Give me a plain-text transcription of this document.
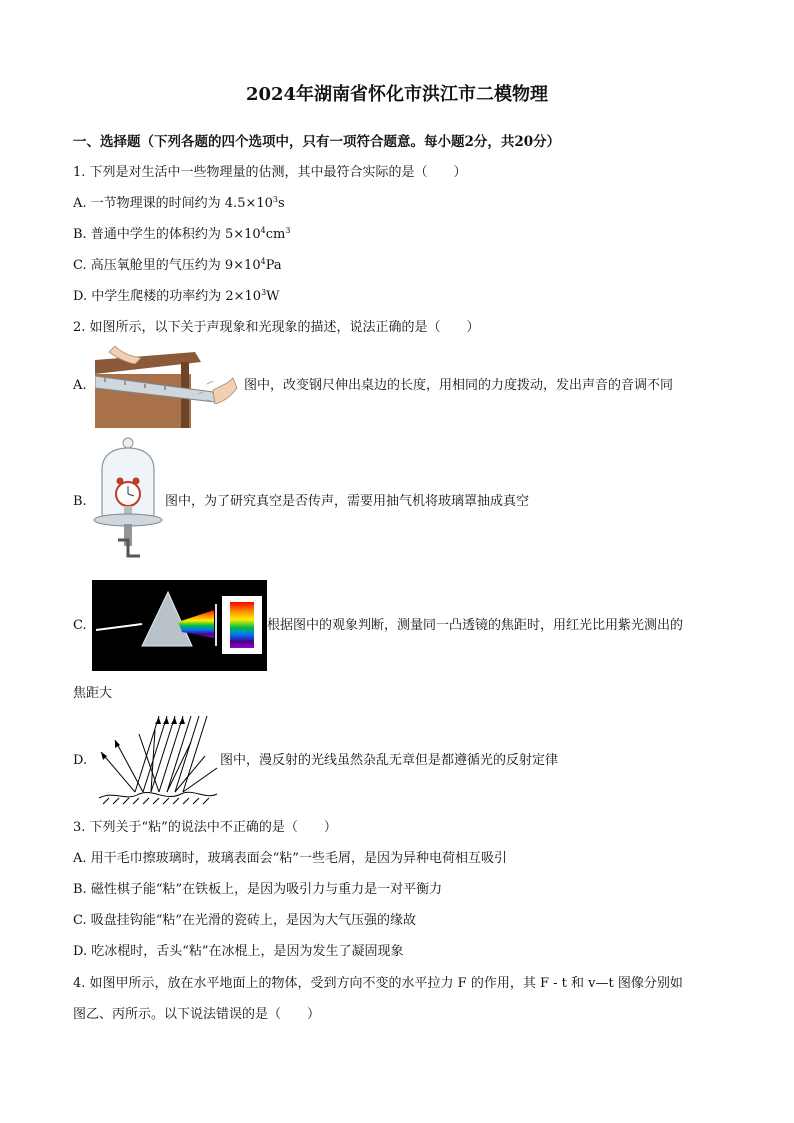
2024年湖南省怀化市洪江市二模物理
一、选择题（下列各题的四个选项中，只有一项符合题意。每小题2分，共20分）
1. 下列是对生活中一些物理量的估测，其中最符合实际的是（　　）
A. 一节物理课的时间约为 $4.5\times 10^3s$
B. 普通中学生的体积约为 $5\times 10^4cm^3$
C. 高压氧舱里的气压约为 $9\times 10^4Pa$
D. 中学生爬楼的功率约为 $2\times 10^3W$
2. 如图所示，以下关于声现象和光现象的描述，说法正确的是（　　）
A.	图中，改变钢尺伸出桌边的长度，用相同的力度拨动，发出声音的音调不同
B.	图中，为了研究真空是否传声，需要用抽气机将玻璃罩抽成真空
C.	根据图中的观象判断，测量同一凸透镜的焦距时，用红光比用紫光测出的
焦距大
D.	图中，漫反射的光线虽然杂乱无章但是都遵循光的反射定律
3. 下列关于“粘”的说法中不正确的是（　　）
A. 用干毛巾擦玻璃时，玻璃表面会“粘”一些毛屑，是因为异种电荷相互吸引
B. 磁性棋子能“粘”在铁板上，是因为吸引力与重力是一对平衡力
C. 吸盘挂钩能“粘”在光滑的瓷砖上，是因为大气压强的缘故
D. 吃冰棍时，舌头“粘”在冰棍上，是因为发生了凝固现象
4. 如图甲所示，放在水平地面上的物体，受到方向不变的水平拉力 F 的作用，其 F - t 和 v—t 图像分别如
图乙、丙所示。以下说法错误的是（　　）
